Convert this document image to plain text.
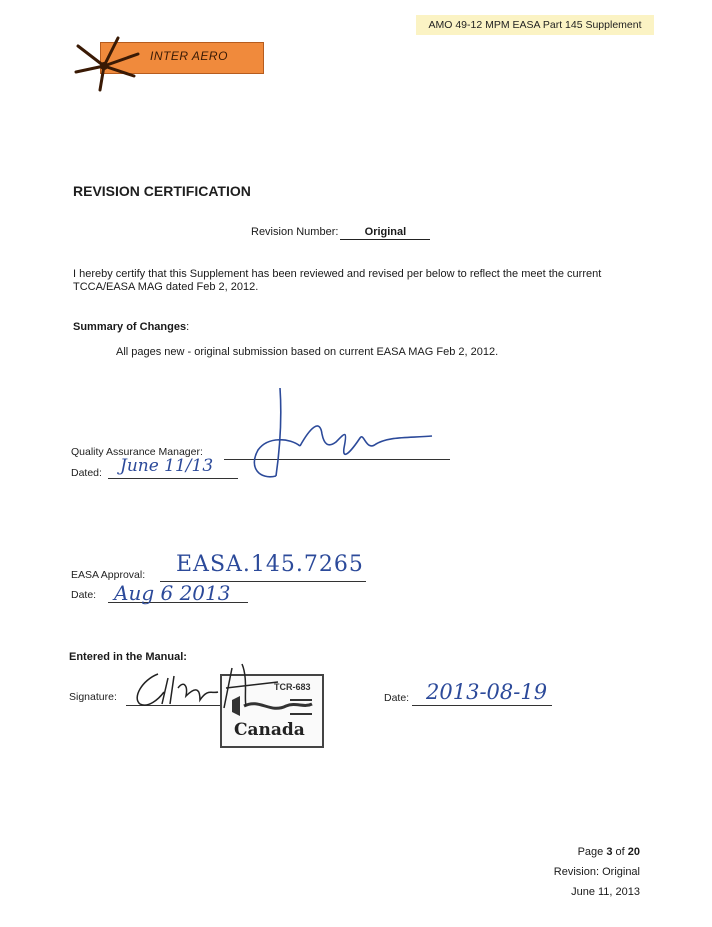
AMO 49-12 MPM EASA Part 145 Supplement
INTER AERO
REVISION CERTIFICATION
Revision Number: Original
I hereby certify that this Supplement has been reviewed and revised per below to reflect the meet the current TCCA/EASA MAG dated Feb 2, 2012.
Summary of Changes:
All pages new - original submission based on current EASA MAG Feb 2, 2012.
Quality Assurance Manager:
Dated: June 11/13
EASA Approval: EASA.145.7265
Date: Aug 6 2013
Entered in the Manual:
Signature:
TCR-683
Canada
Date: 2013-08-19
Page 3 of 20
Revision: Original
June 11, 2013
